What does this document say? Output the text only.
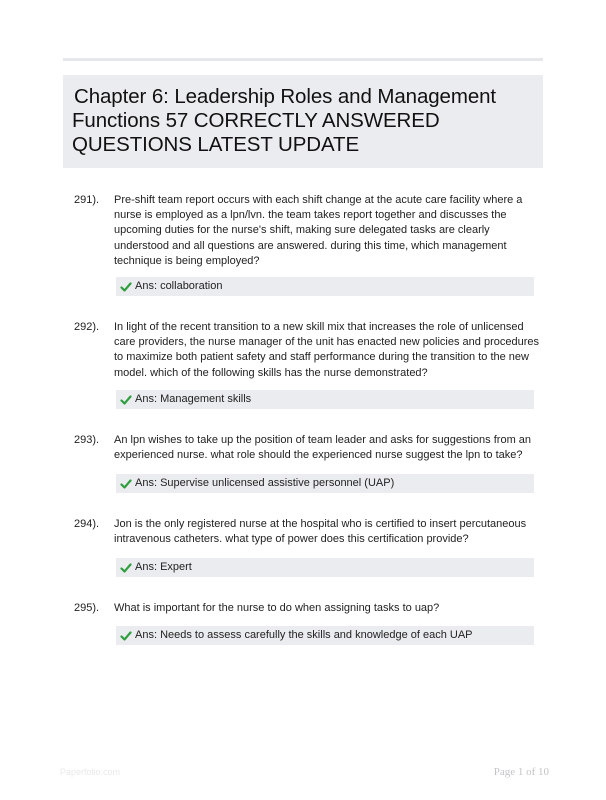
Chapter 6: Leadership Roles and Management Functions 57 CORRECTLY ANSWERED QUESTIONS LATEST UPDATE
291). Pre-shift team report occurs with each shift change at the acute care facility where a nurse is employed as a lpn/lvn. the team takes report together and discusses the upcoming duties for the nurse's shift, making sure delegated tasks are clearly understood and all questions are answered. during this time, which management technique is being employed?

Ans: collaboration
292). In light of the recent transition to a new skill mix that increases the role of unlicensed care providers, the nurse manager of the unit has enacted new policies and procedures to maximize both patient safety and staff performance during the transition to the new model. which of the following skills has the nurse demonstrated?

Ans: Management skills
293). An lpn wishes to take up the position of team leader and asks for suggestions from an experienced nurse. what role should the experienced nurse suggest the lpn to take?

Ans: Supervise unlicensed assistive personnel (UAP)
294). Jon is the only registered nurse at the hospital who is certified to insert percutaneous intravenous catheters. what type of power does this certification provide?

Ans: Expert
295). What is important for the nurse to do when assigning tasks to uap?

Ans: Needs to assess carefully the skills and knowledge of each UAP
Paperfolio.com	Page 1 of 10
